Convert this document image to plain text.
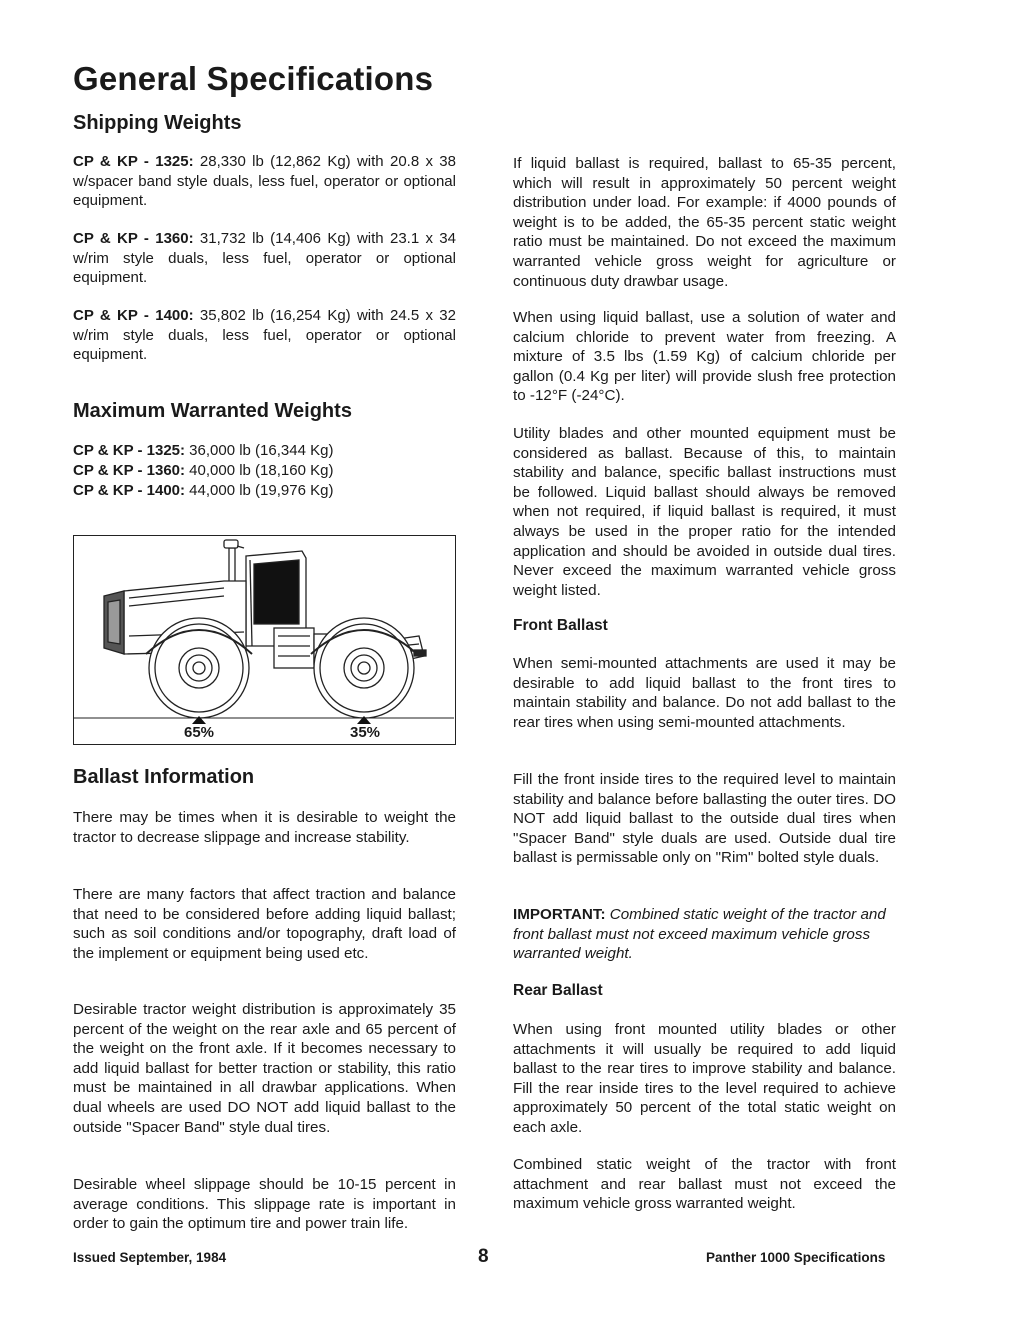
General Specifications
Shipping Weights

CP & KP - 1325: 28,330 lb (12,862 Kg) with 20.8 x 38 w/spacer band style duals, less fuel, operator or optional equipment.

CP & KP - 1360: 31,732 lb (14,406 Kg) with 23.1 x 34 w/rim style duals, less fuel, operator or optional equipment.

CP & KP - 1400: 35,802 lb (16,254 Kg) with 24.5 x 32 w/rim style duals, less fuel, operator or optional equipment.

Maximum Warranted Weights

CP & KP - 1325: 36,000 lb (16,344 Kg)

CP & KP - 1360: 40,000 lb (18,160 Kg)

CP & KP - 1400: 44,000 lb (19,976 Kg)

65%	35%
Ballast Information

There may be times when it is desirable to weight the tractor to decrease slippage and increase stability.

There are many factors that affect traction and balance that need to be considered before adding liquid ballast; such as soil conditions and/or topography, draft load of the implement or equipment being used etc.

Desirable tractor weight distribution is approximately 35 percent of the weight on the rear axle and 65 percent of the weight on the front axle. If it becomes necessary to add liquid ballast for better traction or stability, this ratio must be maintained in all drawbar applications. When dual wheels are used DO NOT add liquid ballast to the outside "Spacer Band" style dual tires.

Desirable wheel slippage should be 10-15 percent in average conditions. This slippage rate is important in order to gain the optimum tire and power train life.

If liquid ballast is required, ballast to 65-35 percent, which will result in approximately 50 percent weight distribution under load. For example: if 4000 pounds of weight is to be added, the 65-35 percent static weight ratio must be maintained. Do not exceed the maximum warranted vehicle gross weight for agriculture or continuous duty drawbar usage.

When using liquid ballast, use a solution of water and calcium chloride to prevent water from freezing. A mixture of 3.5 lbs (1.59 Kg) of calcium chloride per gallon (0.4 Kg per liter) will provide slush free protection to -12°F (-24°C).

Utility blades and other mounted equipment must be considered as ballast. Because of this, to maintain stability and balance, specific ballast instructions must be followed. Liquid ballast should always be removed when not required, if liquid ballast is required, it must always be used in the proper ratio for the intended application and should be avoided in outside dual tires. Never exceed the maximum warranted vehicle gross weight listed.

Front Ballast

When semi-mounted attachments are used it may be desirable to add liquid ballast to the front tires to maintain stability and balance. Do not add ballast to the rear tires when using semi-mounted attachments.

Fill the front inside tires to the required level to maintain stability and balance before ballasting the outer tires. DO NOT add liquid ballast to the outside dual tires when "Spacer Band" style duals are used. Outside dual tire ballast is permissable only on "Rim" bolted style duals.

IMPORTANT: Combined static weight of the tractor and front ballast must not exceed maximum vehicle gross warranted weight.

Rear Ballast

When using front mounted utility blades or other attachments it will usually be required to add liquid ballast to the rear tires to improve stability and balance. Fill the rear inside tires to the level required to achieve approximately 50 percent of the total static weight on each axle.

Combined static weight of the tractor with front attachment and rear ballast must not exceed the maximum vehicle gross warranted weight.

Issued September, 1984	8	Panther 1000 Specifications
